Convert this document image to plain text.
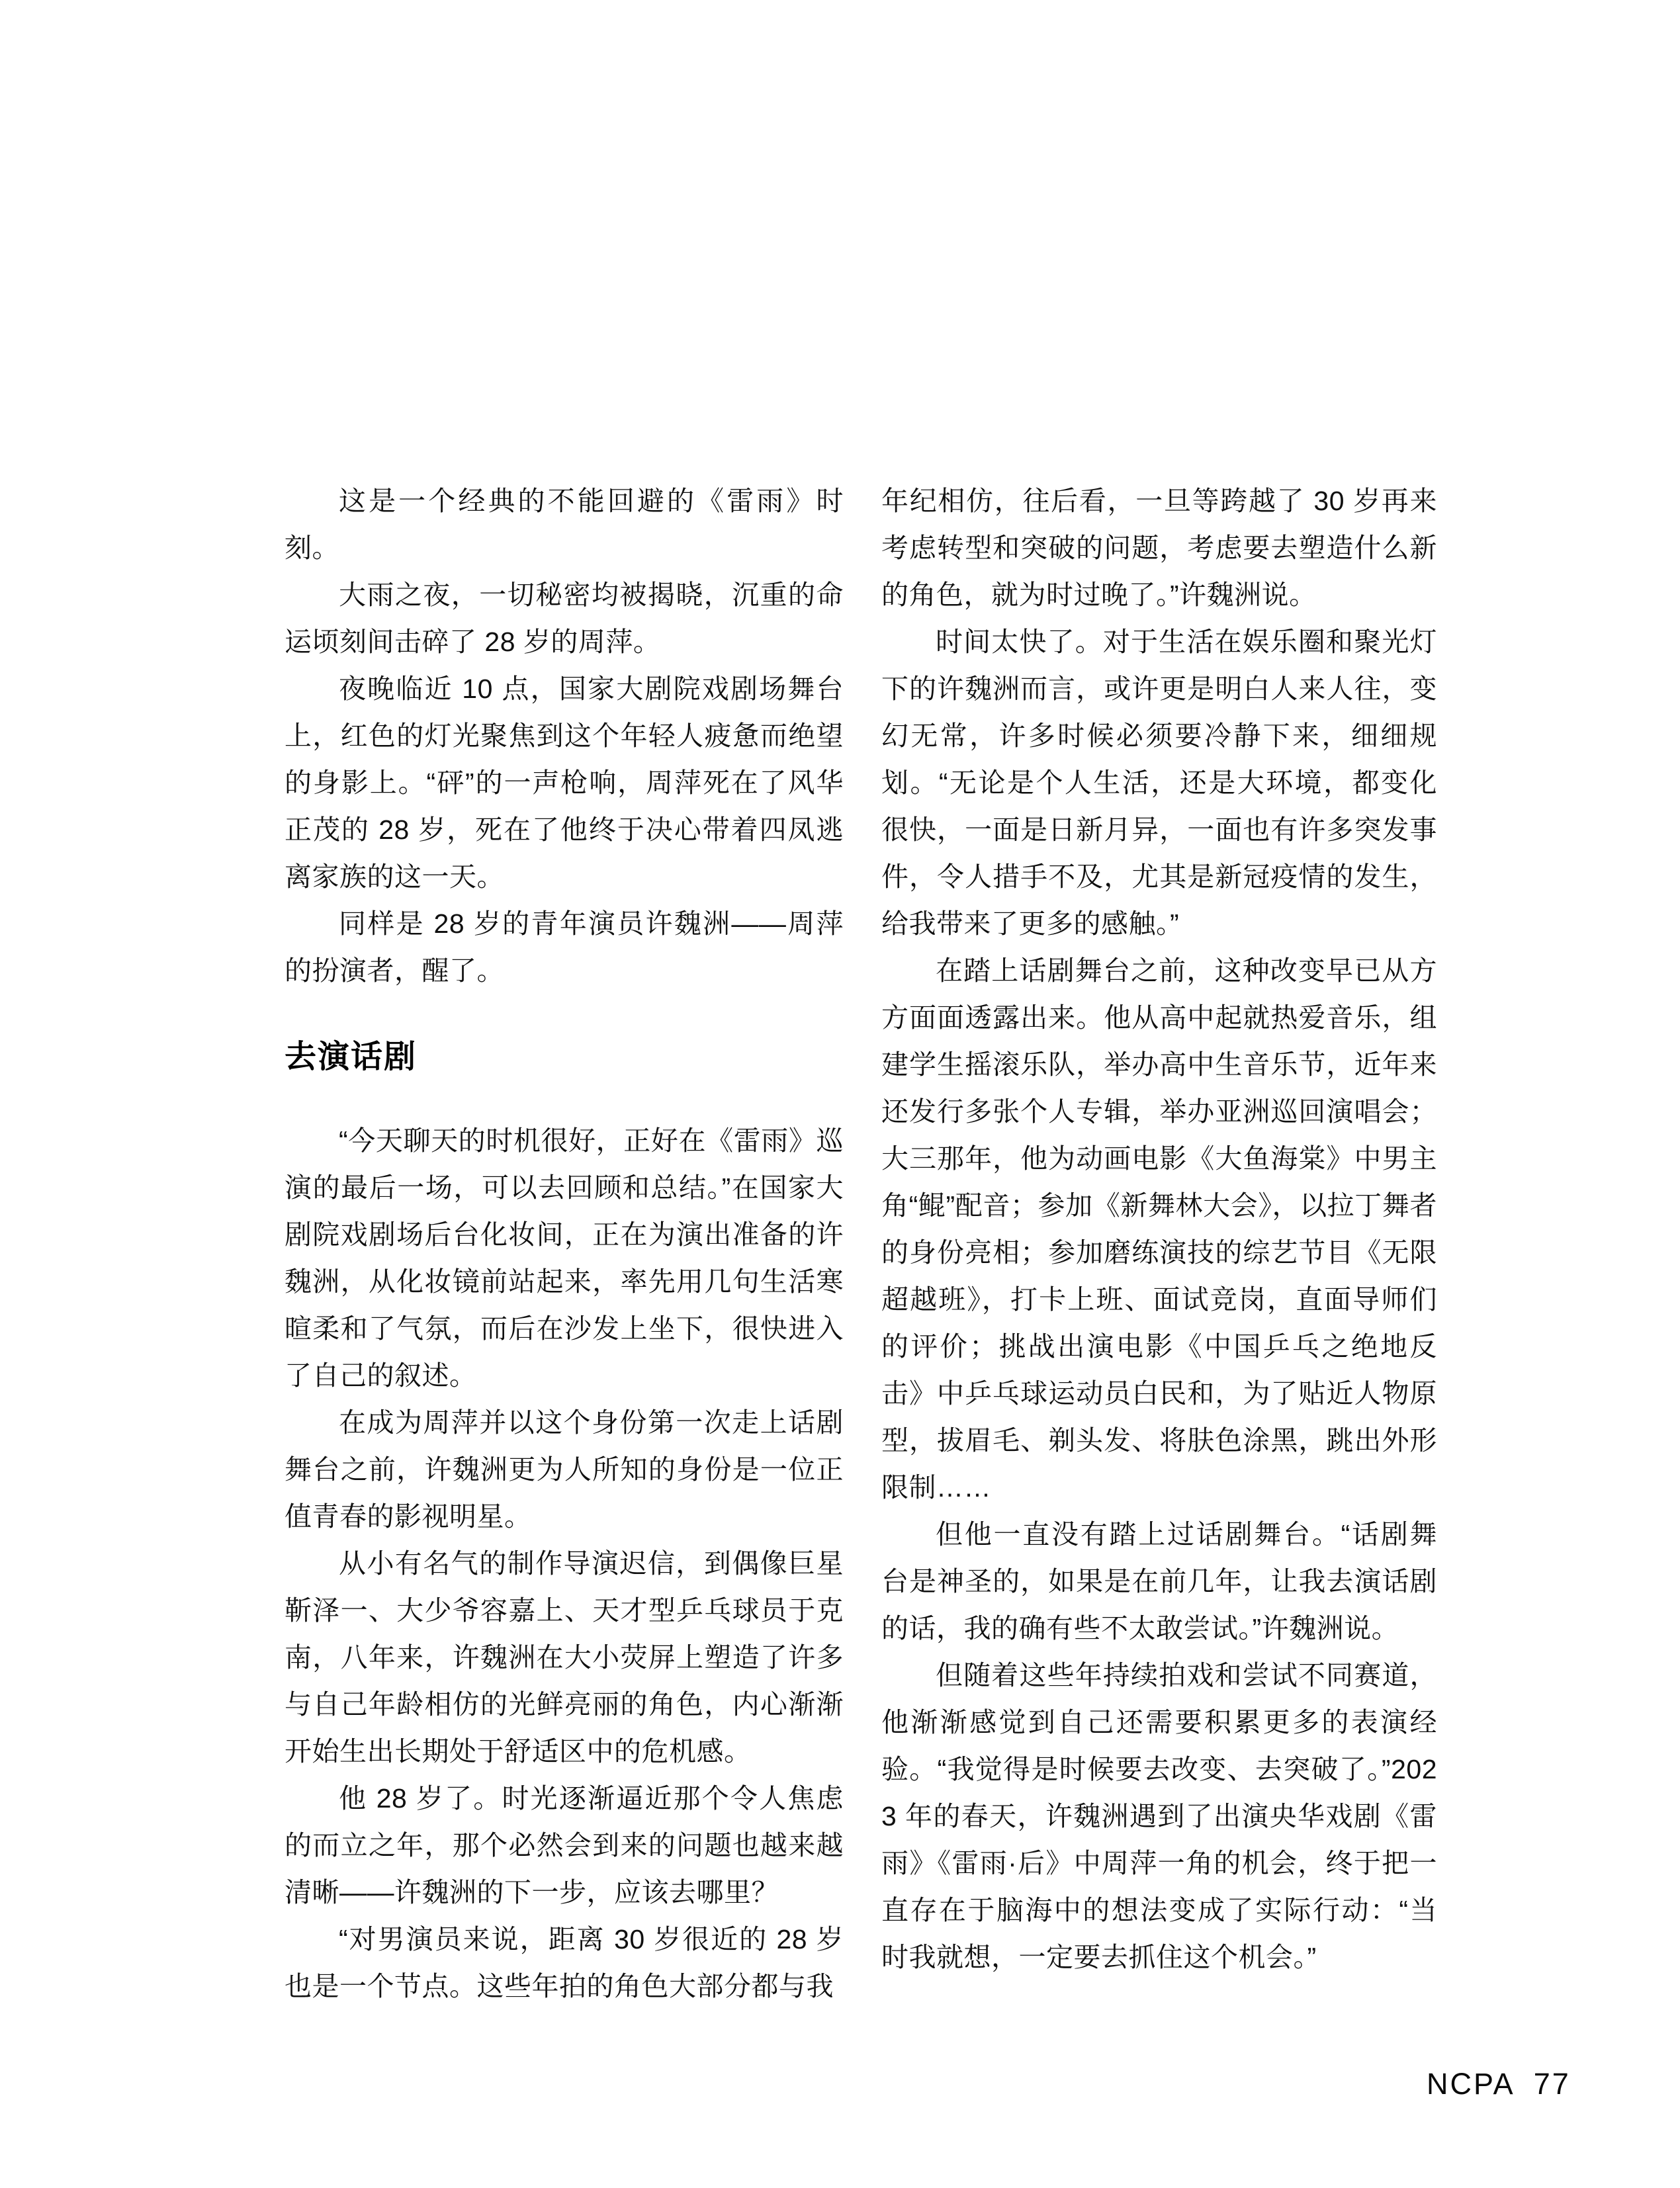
这是一个经典的不能回避的《雷雨》时刻。

大雨之夜，一切秘密均被揭晓，沉重的命运顷刻间击碎了 28 岁的周萍。

夜晚临近 10 点，国家大剧院戏剧场舞台上，红色的灯光聚焦到这个年轻人疲惫而绝望的身影上。“砰”的一声枪响，周萍死在了风华正茂的 28 岁，死在了他终于决心带着四凤逃离家族的这一天。

同样是 28 岁的青年演员许魏洲——周萍的扮演者，醒了。

去演话剧

“今天聊天的时机很好，正好在《雷雨》巡演的最后一场，可以去回顾和总结。”在国家大剧院戏剧场后台化妆间，正在为演出准备的许魏洲，从化妆镜前站起来，率先用几句生活寒暄柔和了气氛，而后在沙发上坐下，很快进入了自己的叙述。

在成为周萍并以这个身份第一次走上话剧舞台之前，许魏洲更为人所知的身份是一位正值青春的影视明星。

从小有名气的制作导演迟信，到偶像巨星靳泽一、大少爷容嘉上、天才型乒乓球员于克南，八年来，许魏洲在大小荧屏上塑造了许多与自己年龄相仿的光鲜亮丽的角色，内心渐渐开始生出长期处于舒适区中的危机感。

他 28 岁了。时光逐渐逼近那个令人焦虑的而立之年，那个必然会到来的问题也越来越清晰——许魏洲的下一步，应该去哪里？

“对男演员来说，距离 30 岁很近的 28 岁也是一个节点。这些年拍的角色大部分都与我

年纪相仿，往后看，一旦等跨越了 30 岁再来考虑转型和突破的问题，考虑要去塑造什么新的角色，就为时过晚了。”许魏洲说。

时间太快了。对于生活在娱乐圈和聚光灯下的许魏洲而言，或许更是明白人来人往，变幻无常，许多时候必须要冷静下来，细细规划。“无论是个人生活，还是大环境，都变化很快，一面是日新月异，一面也有许多突发事件，令人措手不及，尤其是新冠疫情的发生，给我带来了更多的感触。”

在踏上话剧舞台之前，这种改变早已从方方面面透露出来。他从高中起就热爱音乐，组建学生摇滚乐队，举办高中生音乐节，近年来还发行多张个人专辑，举办亚洲巡回演唱会；大三那年，他为动画电影《大鱼海棠》中男主角“鲲”配音；参加《新舞林大会》，以拉丁舞者的身份亮相；参加磨练演技的综艺节目《无限超越班》，打卡上班、面试竞岗，直面导师们的评价；挑战出演电影《中国乒乓之绝地反击》中乒乓球运动员白民和，为了贴近人物原型，拔眉毛、剃头发、将肤色涂黑，跳出外形限制……

但他一直没有踏上过话剧舞台。“话剧舞台是神圣的，如果是在前几年，让我去演话剧的话，我的确有些不太敢尝试。”许魏洲说。

但随着这些年持续拍戏和尝试不同赛道，他渐渐感觉到自己还需要积累更多的表演经验。“我觉得是时候要去改变、去突破了。”2023 年的春天，许魏洲遇到了出演央华戏剧《雷雨》《雷雨·后》中周萍一角的机会，终于把一直存在于脑海中的想法变成了实际行动：“当时我就想，一定要去抓住这个机会。”

NCPA 77
